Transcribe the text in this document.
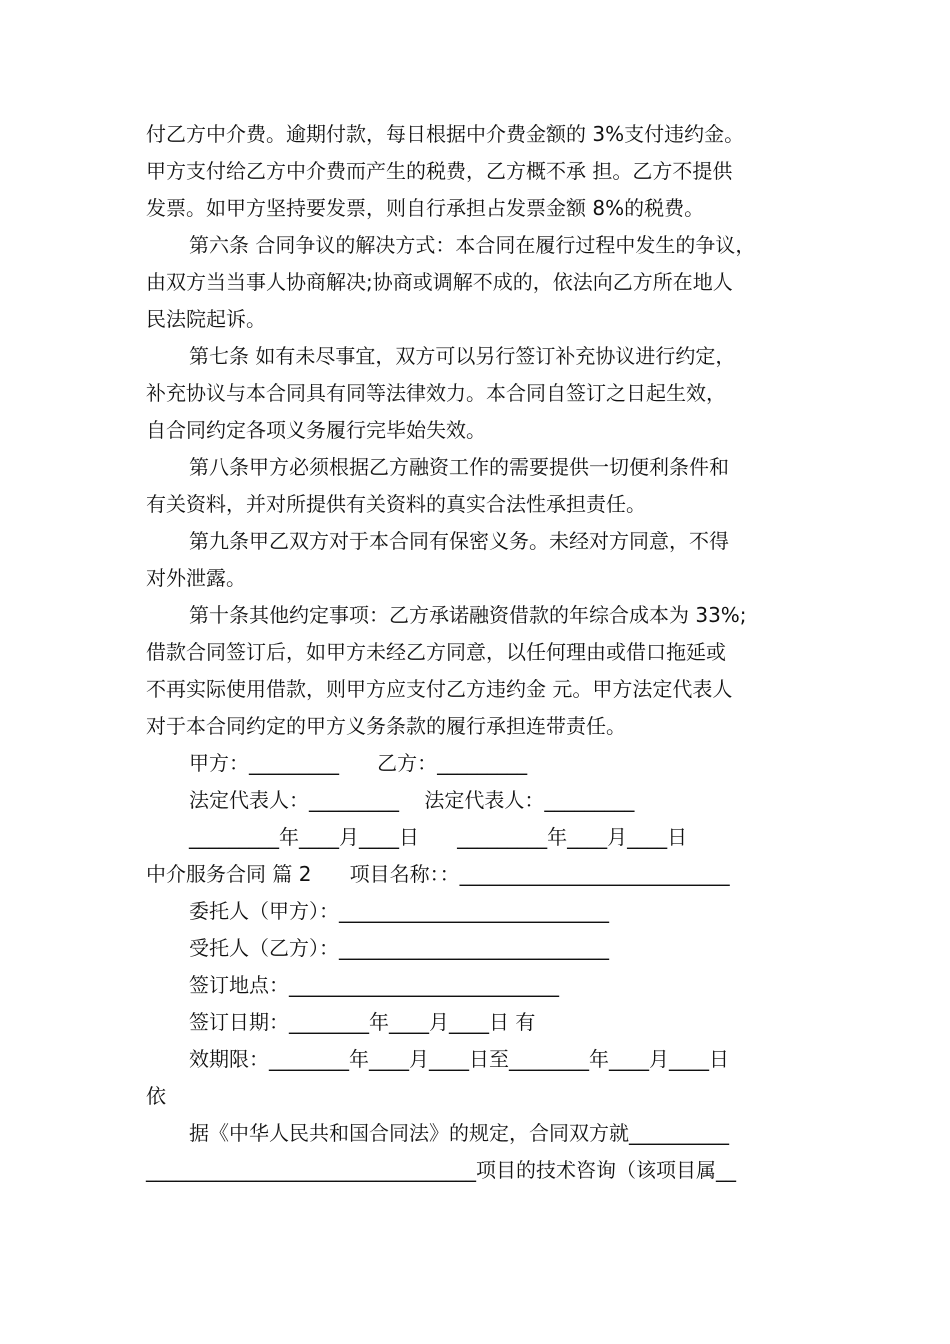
付乙方中介费。逾期付款，每日根据中介费金额的 3%支付违约金。
甲方支付给乙方中介费而产生的税费，乙方概不承 担。乙方不提供
发票。如甲方坚持要发票，则自行承担占发票金额 8%的税费。
第六条 合同争议的解决方式：本合同在履行过程中发生的争议，
由双方当当事人协商解决;协商或调解不成的，依法向乙方所在地人
民法院起诉。
第七条 如有未尽事宜，双方可以另行签订补充协议进行约定，
补充协议与本合同具有同等法律效力。本合同自签订之日起生效，
自合同约定各项义务履行完毕始失效。
第八条甲方必须根据乙方融资工作的需要提供一切便利条件和
有关资料，并对所提供有关资料的真实合法性承担责任。
第九条甲乙双方对于本合同有保密义务。未经对方同意，不得
对外泄露。
第十条其他约定事项：乙方承诺融资借款的年综合成本为 33%;
借款合同签订后，如甲方未经乙方同意，以任何理由或借口拖延或
不再实际使用借款，则甲方应支付乙方违约金 元。甲方法定代表人
对于本合同约定的甲方义务条款的履行承担连带责任。
甲方：_________      乙方：_________
法定代表人：_________    法定代表人：_________
_________年____月____日      _________年____月____日
中介服务合同 篇 2      项目名称：：___________________________
委托人（甲方）：___________________________
受托人（乙方）：___________________________
签订地点：___________________________
签订日期：________年____月____日 有
效期限：________年____月____日至________年____月____日
依
据《中华人民共和国合同法》的规定，合同双方就__________
_________________________________项目的技术咨询（该项目属__
